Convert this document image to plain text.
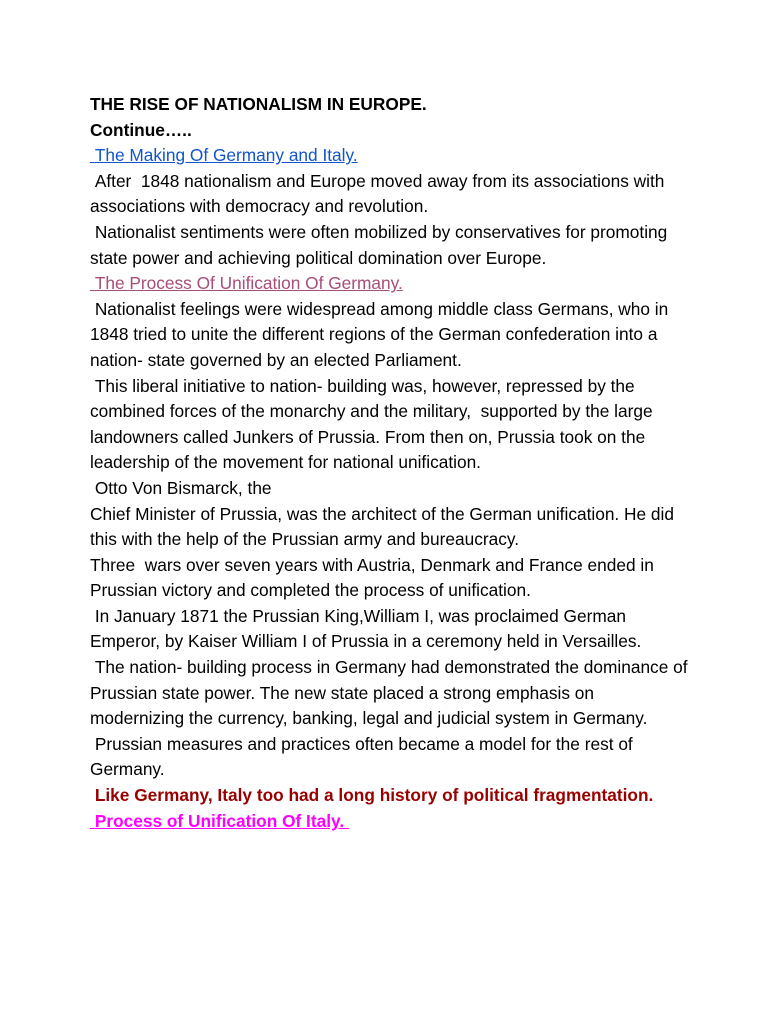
THE RISE OF NATIONALISM IN EUROPE.

Continue…..

The Making Of Germany and Italy.

After  1848 nationalism and Europe moved away from its associations with associations with democracy and revolution.

Nationalist sentiments were often mobilized by conservatives for promoting state power and achieving political domination over Europe.

The Process Of Unification Of Germany.

Nationalist feelings were widespread among middle class Germans, who in 1848 tried to unite the different regions of the German confederation into a nation- state governed by an elected Parliament.

This liberal initiative to nation- building was, however, repressed by the combined forces of the monarchy and the military,  supported by the large landowners called Junkers of Prussia. From then on, Prussia took on the leadership of the movement for national unification.

Otto Von Bismarck, the

Chief Minister of Prussia, was the architect of the German unification. He did this with the help of the Prussian army and bureaucracy.

Three  wars over seven years with Austria, Denmark and France ended in Prussian victory and completed the process of unification.

In January 1871 the Prussian King,William I, was proclaimed German Emperor, by Kaiser William I of Prussia in a ceremony held in Versailles.

The nation- building process in Germany had demonstrated the dominance of Prussian state power. The new state placed a strong emphasis on modernizing the currency, banking, legal and judicial system in Germany.

Prussian measures and practices often became a model for the rest of Germany.

Like Germany, Italy too had a long history of political fragmentation.

Process of Unification Of Italy.
